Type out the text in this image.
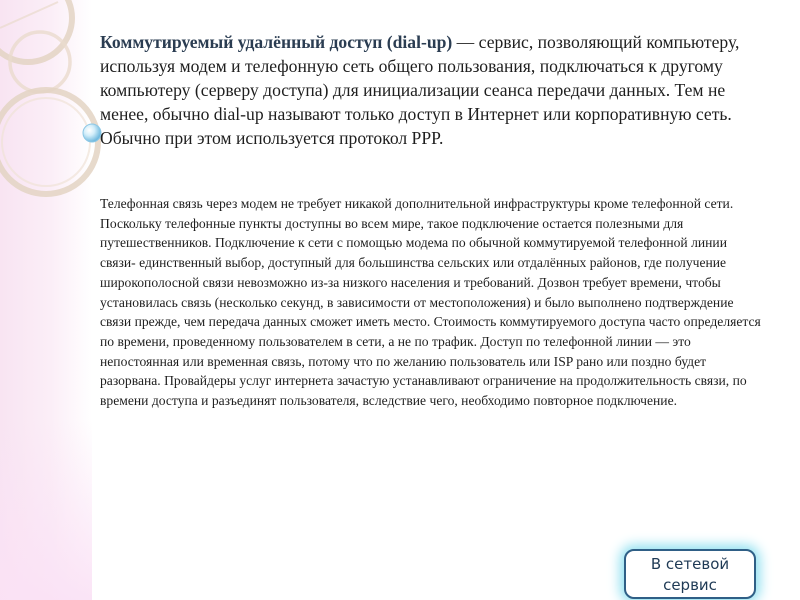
Коммутируемый удалённый доступ (dial-up) — сервис, позволяющий компьютеру, используя модем и телефонную сеть общего пользования, подключаться к другому компьютеру (серверу доступа) для инициализации сеанса передачи данных. Тем не менее, обычно dial-up называют только доступ в Интернет или корпоративную сеть. Обычно при этом используется протокол PPP.

Телефонная связь через модем не требует никакой дополнительной инфраструктуры кроме телефонной сети. Поскольку телефонные пункты доступны во всем мире, такое подключение остается полезными для путешественников. Подключение к сети с помощью модема по обычной коммутируемой телефонной линии связи- единственный выбор, доступный для большинства сельских или отдалённых районов, где получение широкополосной связи невозможно из-за низкого населения и требований. Дозвон требует времени, чтобы установилась связь (несколько секунд, в зависимости от местоположения) и было выполнено подтверждение связи прежде, чем передача данных сможет иметь место. Стоимость коммутируемого доступа часто определяется по времени, проведенному пользователем в сети, а не по трафик. Доступ по телефонной линии — это непостоянная или временная связь, потому что по желанию пользователь или ISP рано или поздно будет разорвана. Провайдеры услуг интернета зачастую устанавливают ограничение на продолжительность связи, по времени доступа и разъединят пользователя, вследствие чего, необходимо повторное подключение.

В сетевой сервис
